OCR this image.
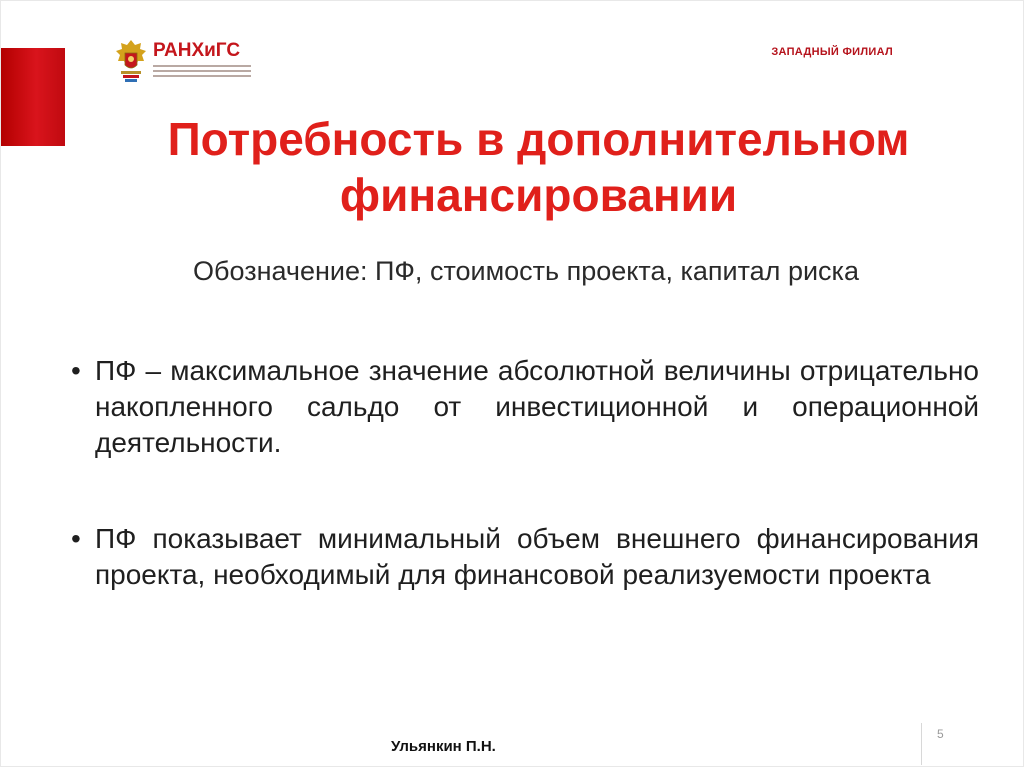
РАНХиГС	ЗАПАДНЫЙ ФИЛИАЛ
Потребность в дополнительном
финансировании
Обозначение: ПФ, стоимость проекта, капитал риска
• ПФ – максимальное значение абсолютной величины отрицательно накопленного сальдо от инвестиционной и операционной деятельности.
• ПФ показывает минимальный объем внешнего финансирования проекта, необходимый для финансовой реализуемости проекта
5
Ульянкин П.Н.
